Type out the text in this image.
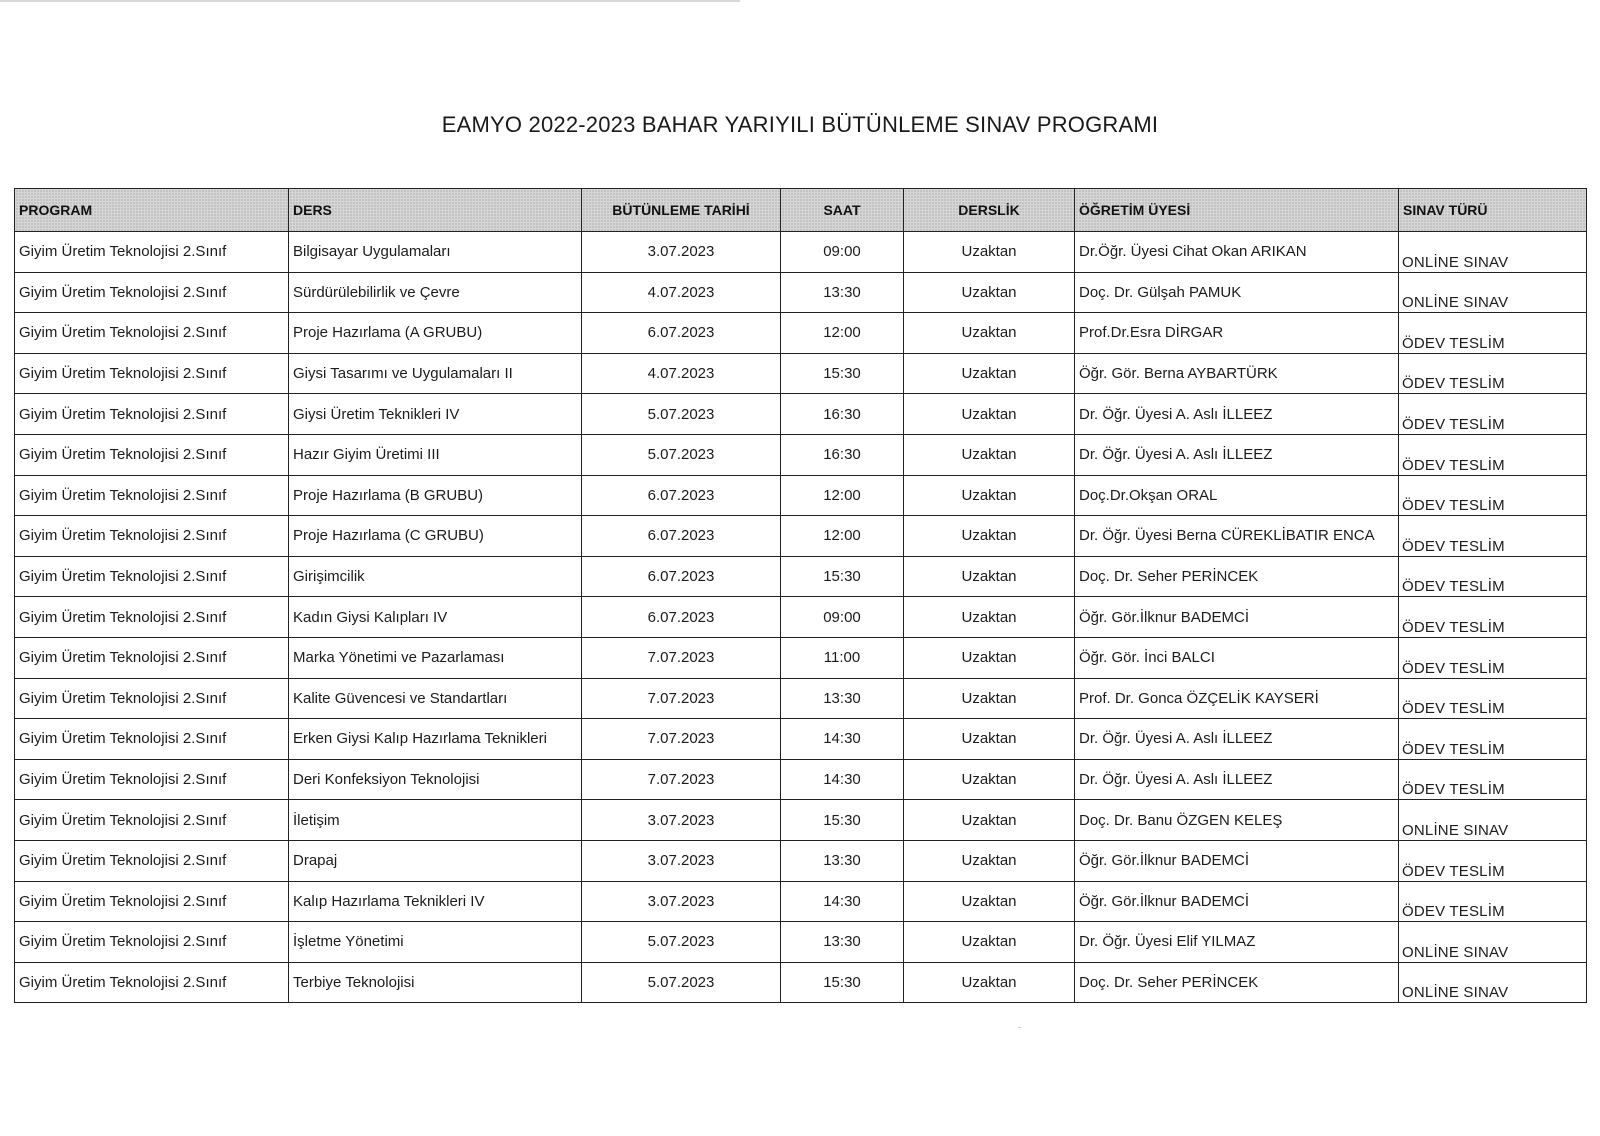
EAMYO 2022-2023 BAHAR YARIYILI BÜTÜNLEME SINAV PROGRAMI
PROGRAM	DERS	BÜTÜNLEME TARİHİ	SAAT	DERSLİK	ÖĞRETİM ÜYESİ	SINAV TÜRÜ
Giyim Üretim Teknolojisi 2.Sınıf	Bilgisayar Uygulamaları	3.07.2023	09:00	Uzaktan	Dr.Öğr. Üyesi Cihat Okan ARIKAN	ONLİNE SINAV
Giyim Üretim Teknolojisi 2.Sınıf	Sürdürülebilirlik ve Çevre	4.07.2023	13:30	Uzaktan	Doç. Dr. Gülşah PAMUK	ONLİNE SINAV
Giyim Üretim Teknolojisi 2.Sınıf	Proje Hazırlama (A GRUBU)	6.07.2023	12:00	Uzaktan	Prof.Dr.Esra DİRGAR	ÖDEV TESLİM
Giyim Üretim Teknolojisi 2.Sınıf	Giysi Tasarımı ve Uygulamaları II	4.07.2023	15:30	Uzaktan	Öğr. Gör. Berna AYBARTÜRK	ÖDEV TESLİM
Giyim Üretim Teknolojisi 2.Sınıf	Giysi Üretim Teknikleri IV	5.07.2023	16:30	Uzaktan	Dr. Öğr. Üyesi A. Aslı İLLEEZ	ÖDEV TESLİM
Giyim Üretim Teknolojisi 2.Sınıf	Hazır Giyim Üretimi III	5.07.2023	16:30	Uzaktan	Dr. Öğr. Üyesi A. Aslı İLLEEZ	ÖDEV TESLİM
Giyim Üretim Teknolojisi 2.Sınıf	Proje Hazırlama (B GRUBU)	6.07.2023	12:00	Uzaktan	Doç.Dr.Okşan ORAL	ÖDEV TESLİM
Giyim Üretim Teknolojisi 2.Sınıf	Proje Hazırlama (C GRUBU)	6.07.2023	12:00	Uzaktan	Dr. Öğr. Üyesi Berna CÜREKLİBATIR ENCA	ÖDEV TESLİM
Giyim Üretim Teknolojisi 2.Sınıf	Girişimcilik	6.07.2023	15:30	Uzaktan	Doç. Dr. Seher PERİNCEK	ÖDEV TESLİM
Giyim Üretim Teknolojisi 2.Sınıf	Kadın Giysi Kalıpları IV	6.07.2023	09:00	Uzaktan	Öğr. Gör.İlknur BADEMCİ	ÖDEV TESLİM
Giyim Üretim Teknolojisi 2.Sınıf	Marka Yönetimi ve Pazarlaması	7.07.2023	11:00	Uzaktan	Öğr. Gör. İnci BALCI	ÖDEV TESLİM
Giyim Üretim Teknolojisi 2.Sınıf	Kalite Güvencesi ve Standartları	7.07.2023	13:30	Uzaktan	Prof. Dr. Gonca ÖZÇELİK KAYSERİ	ÖDEV TESLİM
Giyim Üretim Teknolojisi 2.Sınıf	Erken Giysi Kalıp Hazırlama Teknikleri	7.07.2023	14:30	Uzaktan	Dr. Öğr. Üyesi A. Aslı İLLEEZ	ÖDEV TESLİM
Giyim Üretim Teknolojisi 2.Sınıf	Deri Konfeksiyon Teknolojisi	7.07.2023	14:30	Uzaktan	Dr. Öğr. Üyesi A. Aslı İLLEEZ	ÖDEV TESLİM
Giyim Üretim Teknolojisi 2.Sınıf	İletişim	3.07.2023	15:30	Uzaktan	Doç. Dr. Banu ÖZGEN KELEŞ	ONLİNE SINAV
Giyim Üretim Teknolojisi 2.Sınıf	Drapaj	3.07.2023	13:30	Uzaktan	Öğr. Gör.İlknur BADEMCİ	ÖDEV TESLİM
Giyim Üretim Teknolojisi 2.Sınıf	Kalıp Hazırlama Teknikleri IV	3.07.2023	14:30	Uzaktan	Öğr. Gör.İlknur BADEMCİ	ÖDEV TESLİM
Giyim Üretim Teknolojisi 2.Sınıf	İşletme Yönetimi	5.07.2023	13:30	Uzaktan	Dr. Öğr. Üyesi Elif YILMAZ	ONLİNE SINAV
Giyim Üretim Teknolojisi 2.Sınıf	Terbiye Teknolojisi	5.07.2023	15:30	Uzaktan	Doç. Dr. Seher PERİNCEK	ONLİNE SINAV
